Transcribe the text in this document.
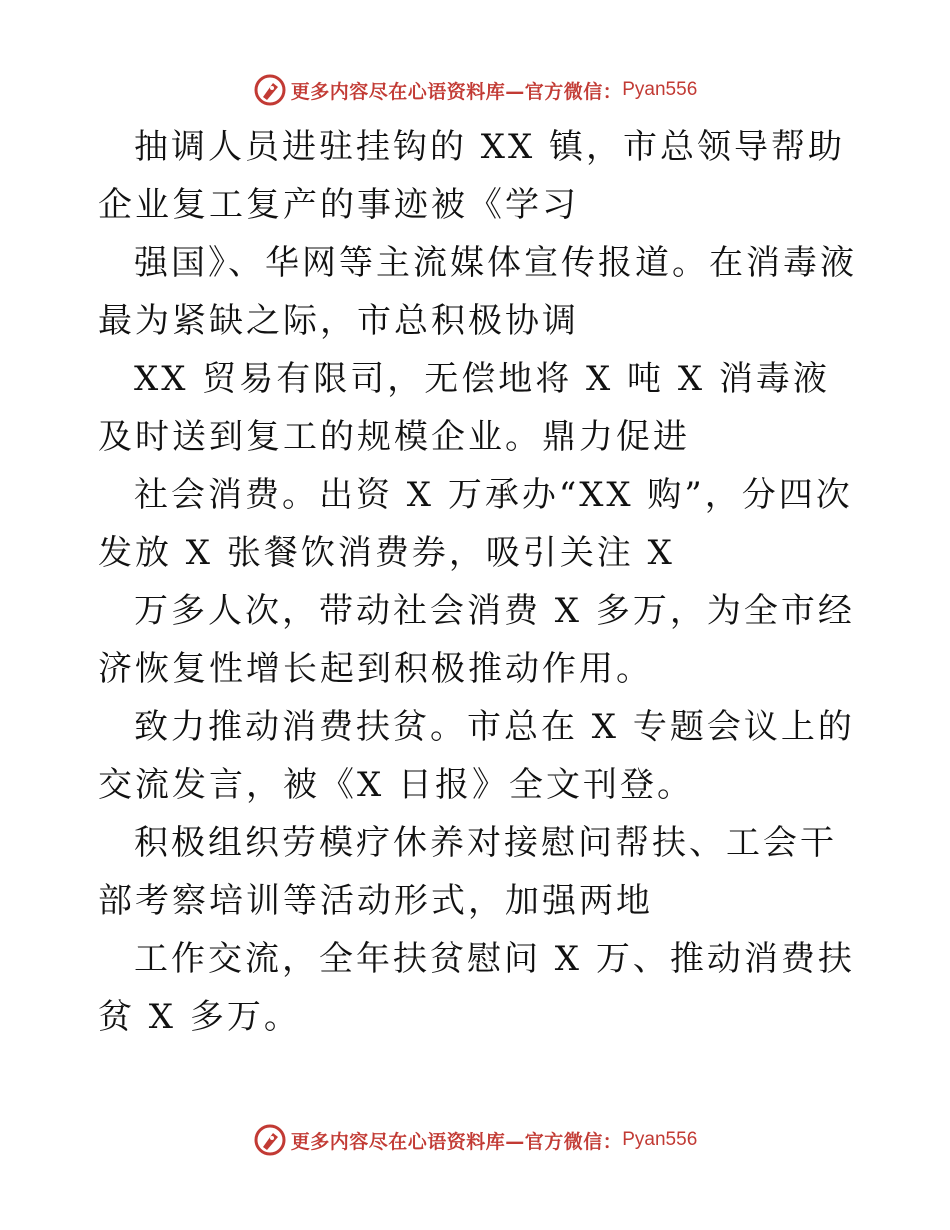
更多内容尽在心语资料库—官方微信： Pyan556

抽调人员进驻挂钩的 XX 镇，市总领导帮助企业复工复产的事迹被《学习

强国》、华网等主流媒体宣传报道。在消毒液最为紧缺之际，市总积极协调

XX 贸易有限司，无偿地将 X 吨 X 消毒液及时送到复工的规模企业。鼎力促进

社会消费。出资 X 万承办“XX 购”，分四次发放 X 张餐饮消费券，吸引关注 X

万多人次，带动社会消费 X 多万，为全市经济恢复性增长起到积极推动作用。

致力推动消费扶贫。市总在 X 专题会议上的交流发言，被《X 日报》全文刊登。

积极组织劳模疗休养对接慰问帮扶、工会干部考察培训等活动形式，加强两地

工作交流，全年扶贫慰问 X 万、推动消费扶贫 X 多万。

更多内容尽在心语资料库—官方微信： Pyan556
